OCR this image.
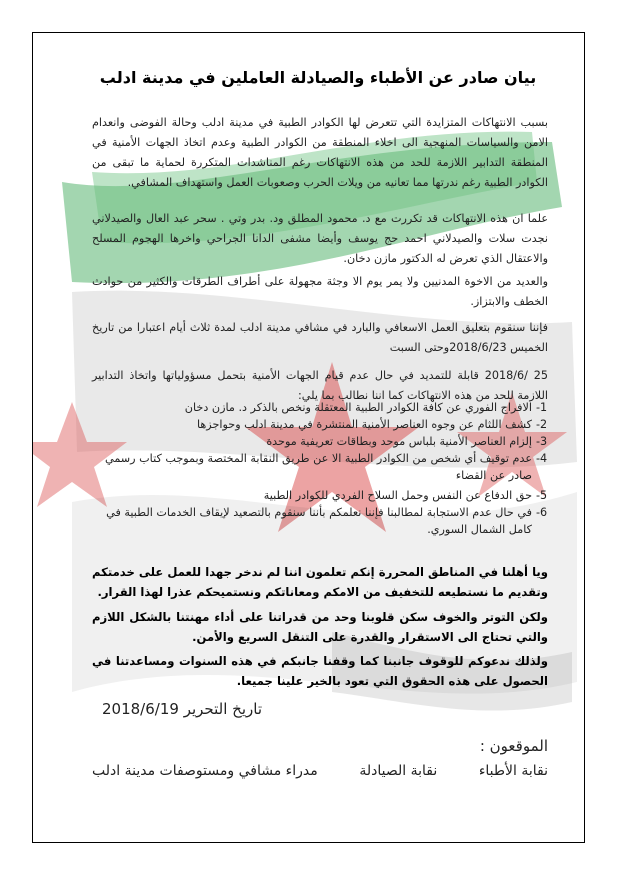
بيان صادر عن الأطباء والصيادلة العاملين في مدينة ادلب

بسبب الانتهاكات المتزايدة التي تتعرض لها الكوادر الطبية في مدينة ادلب وحالة الفوضى وانعدام الامن والسياسات المنهجية الى اخلاء المنطقة من الكوادر الطبية وعدم اتخاذ الجهات الأمنية في المنطقة التدابير اللازمة للحد من هذه الانتهاكات رغم المناشدات المتكررة لحماية ما تبقى من الكوادر الطبية رغم ندرتها مما تعانيه من ويلات الحرب وصعوبات العمل واستهداف المشافي.

علما ان هذه الانتهاكات قد تكررت مع د. محمود المطلق ود. بدر وتي . سحر عبد العال والصيدلاني نجدت سلات والصيدلاني احمد حج يوسف وأيضا مشفى الدانا الجراحي واخرها الهجوم المسلح والاعتقال الذي تعرض له الدكتور مازن دخان.

والعديد من الاخوة المدنيين ولا يمر يوم الا وجثة مجهولة على أطراف الطرقات والكثير من حوادث الخطف والابتزاز.

فإننا سنقوم بتعليق العمل الاسعافي والبارد في مشافي مدينة ادلب لمدة ثلاث أيام اعتبارا من تاريخ الخميس 2018/6/23وحتى السبت

25 /2018/6 قابلة للتمديد في حال عدم قيام الجهات الأمنية بتحمل مسؤولياتها واتخاذ التدابير اللازمة للحد من هذه الانتهاكات كما اننا نطالب بما يلي:

-1
الافراج الفوري عن كافة الكوادر الطبية المعتقلة ونخص بالذكر د. مازن دخان
-2
كشف اللثام عن وجوه العناصر الأمنية المنتشرة في مدينة ادلب وحواجزها
-3
إلزام العناصر الأمنية بلباس موحد وبطاقات تعريفية موحدة
-4
عدم توقيف أي شخص من الكوادر الطبية الا عن طريق النقابة المختصة وبموجب كتاب رسمي صادر عن القضاء
-5
حق الدفاع عن النفس وحمل السلاح الفردي للكوادر الطبية
-6
في حال عدم الاستجابة لمطالبنا فإننا نعلمكم بأننا سنقوم بالتصعيد لإيقاف الخدمات الطبية في كامل الشمال السوري.

ويا أهلنا في المناطق المحررة إنكم تعلمون اننا لم ندخر جهدا للعمل على خدمتكم وتقديم ما نستطيعه للتخفيف من الامكم ومعاناتكم ونستميحكم عذرا لهذا القرار.

ولكن التوتر والخوف سكن قلوبنا وحد من قدراتنا على أداء مهنتنا بالشكل اللازم والتي تحتاج الى الاستقرار والقدرة على التنقل السريع والأمن.

ولذلك ندعوكم للوقوف جانبنا كما وقفنا جانبكم في هذه السنوات ومساعدتنا في الحصول على هذه الحقوق التي تعود بالخير علينا جميعا.

تاريخ التحرير 2018/6/19

الموقعون :

نقابة الأطباء
نقابة الصيادلة
مدراء مشافي ومستوصفات مدينة ادلب
